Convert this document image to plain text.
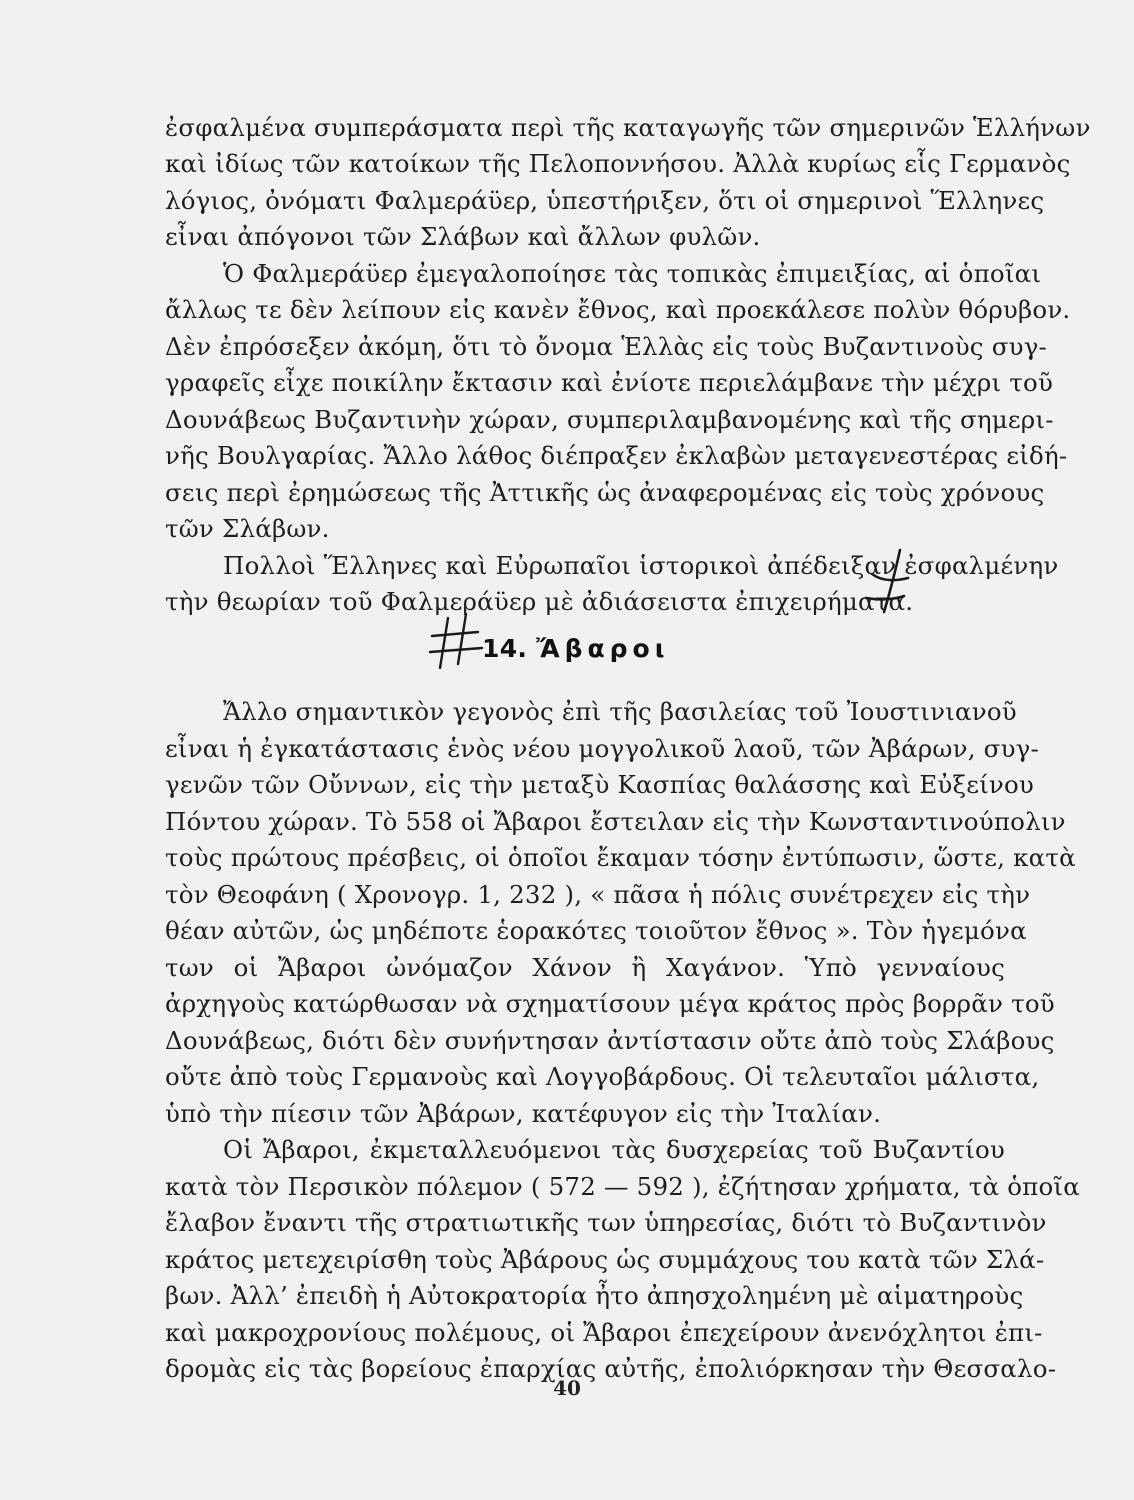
ἐσφαλμένα συμπεράσματα περὶ τῆς καταγωγῆς τῶν σημερινῶν Ἑλλήνων
καὶ ἰδίως τῶν κατοίκων τῆς Πελοποννήσου. Ἀλλὰ κυρίως εἷς Γερμανὸς
λόγιος, ὀνόματι Φαλμεράϋερ, ὑπεστήριξεν, ὅτι οἱ σημερινοὶ Ἕλληνες
εἶναι ἀπόγονοι τῶν Σλάβων καὶ ἄλλων φυλῶν.
Ὁ Φαλμεράϋερ ἐμεγαλοποίησε τὰς τοπικὰς ἐπιμειξίας, αἱ ὁποῖαι
ἄλλως τε δὲν λείπουν εἰς κανὲν ἔθνος, καὶ προεκάλεσε πολὺν θόρυβον.
Δὲν ἐπρόσεξεν ἀκόμη, ὅτι τὸ ὄνομα Ἑλλὰς εἰς τοὺς Βυζαντινοὺς συγ-
γραφεῖς εἶχε ποικίλην ἔκτασιν καὶ ἐνίοτε περιελάμβανε τὴν μέχρι τοῦ
Δουνάβεως Βυζαντινὴν χώραν, συμπεριλαμβανομένης καὶ τῆς σημερι-
νῆς Βουλγαρίας. Ἄλλο λάθος διέπραξεν ἐκλαβὼν μεταγενεστέρας εἰδή-
σεις περὶ ἐρημώσεως τῆς Ἀττικῆς ὡς ἀναφερομένας εἰς τοὺς χρόνους
τῶν Σλάβων.
Πολλοὶ Ἕλληνες καὶ Εὐρωπαῖοι ἱστορικοὶ ἀπέδειξαν ἐσφαλμένην
τὴν θεωρίαν τοῦ Φαλμεράϋερ μὲ ἀδιάσειστα ἐπιχειρήματα.
14. Ἄβαροι
Ἄλλο σημαντικὸν γεγονὸς ἐπὶ τῆς βασιλείας τοῦ Ἰουστινιανοῦ
εἶναι ἡ ἐγκατάστασις ἑνὸς νέου μογγολικοῦ λαοῦ, τῶν Ἀβάρων, συγ-
γενῶν τῶν Οὔννων, εἰς τὴν μεταξὺ Κασπίας θαλάσσης καὶ Εὐξείνου
Πόντου χώραν. Τὸ 558 οἱ Ἄβαροι ἔστειλαν εἰς τὴν Κωνσταντινούπολιν
τοὺς πρώτους πρέσβεις, οἱ ὁποῖοι ἔκαμαν τόσην ἐντύπωσιν, ὥστε, κατὰ
τὸν Θεοφάνη ( Χρονογρ. 1, 232 ), « πᾶσα ἡ πόλις συνέτρεχεν εἰς τὴν
θέαν αὐτῶν, ὡς μηδέποτε ἑορακότες τοιοῦτον ἔθνος ». Τὸν ἡγεμόνα
των οἱ Ἄβαροι ὠνόμαζον Χάνον ἢ Χαγάνον. Ὑπὸ γενναίους
ἀρχηγοὺς κατώρθωσαν νὰ σχηματίσουν μέγα κράτος πρὸς βορρᾶν τοῦ
Δουνάβεως, διότι δὲν συνήντησαν ἀντίστασιν οὔτε ἀπὸ τοὺς Σλάβους
οὔτε ἀπὸ τοὺς Γερμανοὺς καὶ Λογγοβάρδους. Οἱ τελευταῖοι μάλιστα,
ὑπὸ τὴν πίεσιν τῶν Ἀβάρων, κατέφυγον εἰς τὴν Ἰταλίαν.
Οἱ Ἄβαροι, ἐκμεταλλευόμενοι τὰς δυσχερείας τοῦ Βυζαντίου
κατὰ τὸν Περσικὸν πόλεμον ( 572 — 592 ), ἐζήτησαν χρήματα, τὰ ὁποῖα
ἔλαβον ἔναντι τῆς στρατιωτικῆς των ὑπηρεσίας, διότι τὸ Βυζαντινὸν
κράτος μετεχειρίσθη τοὺς Ἀβάρους ὡς συμμάχους του κατὰ τῶν Σλά-
βων. Ἀλλ’ ἐπειδὴ ἡ Αὐτοκρατορία ἦτο ἀπησχολημένη μὲ αἱματηροὺς
καὶ μακροχρονίους πολέμους, οἱ Ἄβαροι ἐπεχείρουν ἀνενόχλητοι ἐπι-
δρομὰς εἰς τὰς βορείους ἐπαρχίας αὐτῆς, ἐπολιόρκησαν τὴν Θεσσαλο-
40
